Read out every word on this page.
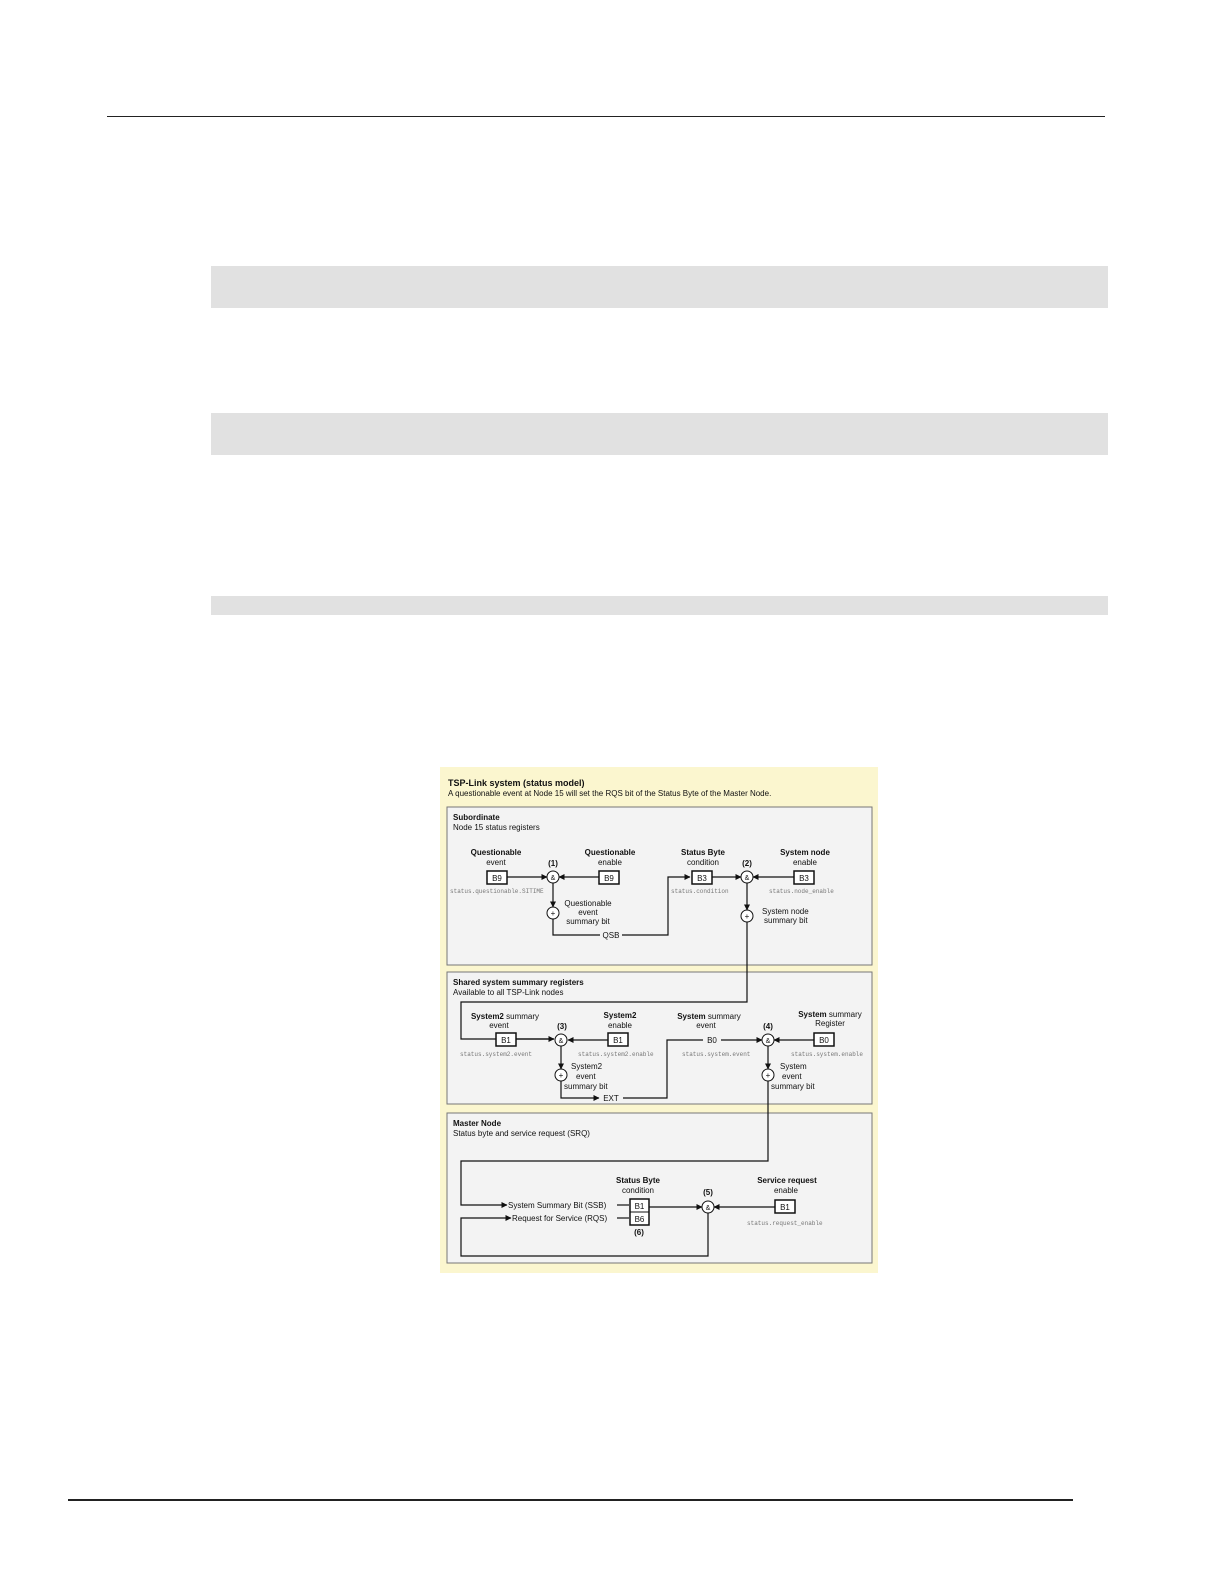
TSP-Link system (status model)
A questionable event at Node 15 will set the RQS bit of the Status Byte of the Master Node.
Subordinate
Node 15 status registers
Questionable
event
B9
status.questionable.SITIME
(1)
&
Questionable
enable
B9
+
Questionable
event
summary bit
QSB
Status Byte
condition
B3
status.condition
(2)
&
System node
enable
B3
status.node_enable
+
System node
summary bit
Shared system summary registers
Available to all TSP-Link nodes
System2 summary
event
B1
status.system2.event
(3)
&
System2
enable
B1
status.system2.enable
+
System2
event
summary bit
EXT
System summary
event
B0
status.system.event
(4)
&
System summary
Register
B0
status.system.enable
+
System
event
summary bit
Master Node
Status byte and service request (SRQ)
Status Byte
condition
System Summary Bit (SSB)
Request for Service (RQS)
B1
B6
(6)
(5)
&
Service request
enable
B1
status.request_enable
